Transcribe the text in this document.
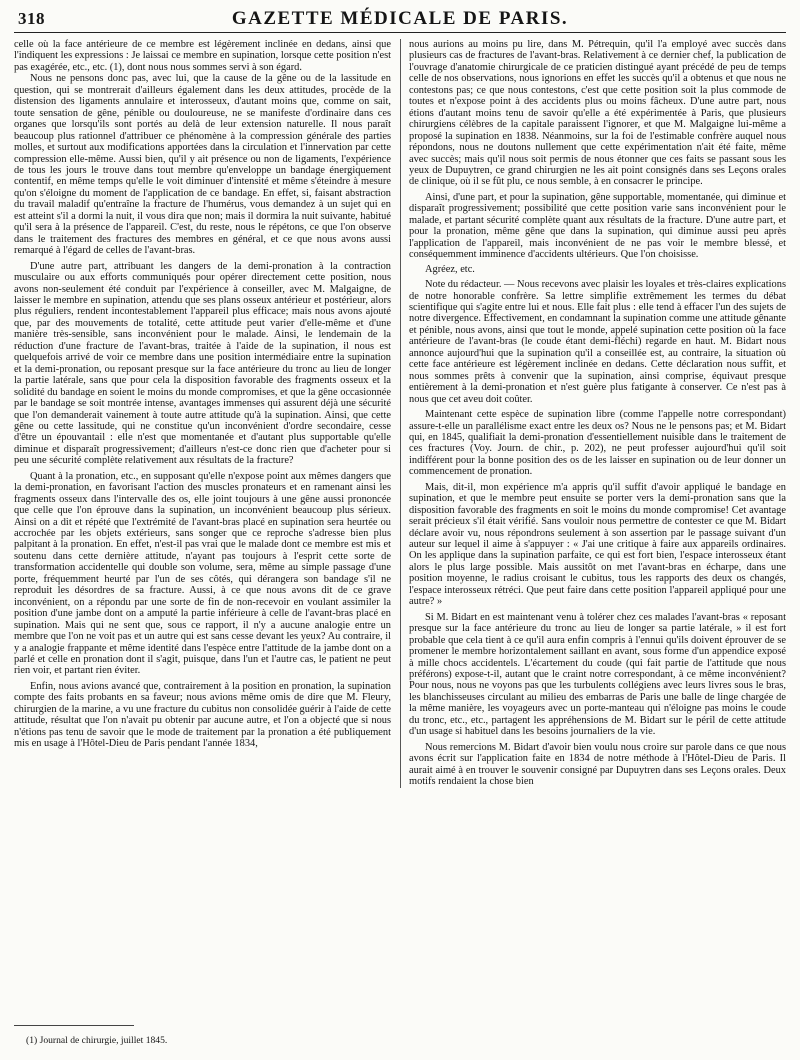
318	GAZETTE MÉDICALE DE PARIS.

celle où la face antérieure de ce membre est légèrement inclinée en dedans, ainsi que l'indiquent les expressions : Je laissai ce membre en supination, lorsque cette position n'est pas exagérée, etc., etc. (1), dont nous nous sommes servi à son égard.

Nous ne pensons donc pas, avec lui, que la cause de la gêne ou de la lassitude en question, qui se montrerait d'ailleurs également dans les deux attitudes, procède de la distension des ligaments annulaire et interosseux, d'autant moins que, comme on sait, toute sensation de gêne, pénible ou douloureuse, ne se manifeste d'ordinaire dans ces organes que lorsqu'ils sont portés au delà de leur extension naturelle. Il nous paraît beaucoup plus rationnel d'attribuer ce phénomène à la compression générale des parties molles, et surtout aux modifications apportées dans la circulation et l'innervation par cette compression elle-même. Aussi bien, qu'il y ait présence ou non de ligaments, l'expérience de tous les jours le trouve dans tout membre qu'enveloppe un bandage énergiquement contentif, en même temps qu'elle le voit diminuer d'intensité et même s'éteindre à mesure qu'on s'éloigne du moment de l'application de ce bandage. En effet, si, faisant abstraction du travail maladif qu'entraîne la fracture de l'humérus, vous demandez à un sujet qui en est atteint s'il a dormi la nuit, il vous dira que non; mais il dormira la nuit suivante, habitué qu'il sera à la présence de l'appareil. C'est, du reste, nous le répétons, ce que l'on observe dans le traitement des fractures des membres en général, et ce que nous avons aussi remarqué à l'égard de celles de l'avant-bras.

D'une autre part, attribuant les dangers de la demi-pronation à la contraction musculaire ou aux efforts communiqués pour opérer directement cette position, nous avons non-seulement été conduit par l'expérience à conseiller, avec M. Malgaigne, de laisser le membre en supination, attendu que ses plans osseux antérieur et postérieur, alors plus réguliers, rendent incontestablement l'appareil plus efficace; mais nous avons ajouté que, par des mouvements de totalité, cette attitude peut varier d'elle-même et d'une manière très-sensible, sans inconvénient pour le malade. Ainsi, le lendemain de la réduction d'une fracture de l'avant-bras, traitée à l'aide de la supination, il nous est quelquefois arrivé de voir ce membre dans une position intermédiaire entre la supination et la demi-pronation, ou reposant presque sur la face antérieure du tronc au lieu de longer la partie latérale, sans que pour cela la disposition favorable des fragments osseux et la solidité du bandage en soient le moins du monde compromises, et que la gêne occasionnée par le bandage se soit montrée intense, avantages immenses qui assurent déjà une sécurité que l'on demanderait vainement à toute autre attitude qu'à la supination. Ainsi, que cette gêne ou cette lassitude, qui ne constitue qu'un inconvénient d'ordre secondaire, cesse d'être un épouvantail : elle n'est que momentanée et d'autant plus supportable qu'elle diminue et disparaît progressivement; d'ailleurs n'est-ce donc rien que d'acheter pour si peu une sécurité complète relativement aux résultats de la fracture?

Quant à la pronation, etc., en supposant qu'elle n'expose point aux mêmes dangers que la demi-pronation, en favorisant l'action des muscles pronateurs et en ramenant ainsi les fragments osseux dans l'intervalle des os, elle joint toujours à une gêne aussi prononcée que celle que l'on éprouve dans la supination, un inconvénient beaucoup plus sérieux. Ainsi on a dit et répété que l'extrémité de l'avant-bras placé en supination sera heurtée ou accrochée par les objets extérieurs, sans songer que ce reproche s'adresse bien plus palpitant à la pronation. En effet, n'est-il pas vrai que le malade dont ce membre est mis et soutenu dans cette dernière attitude, n'ayant pas toujours à l'esprit cette sorte de transformation accidentelle qui double son volume, sera, même au simple passage d'une porte, fréquemment heurté par l'un de ses côtés, qui dérangera son bandage s'il ne reproduit les désordres de sa fracture. Aussi, à ce que nous avons dit de ce grave inconvénient, on a répondu par une sorte de fin de non-recevoir en voulant assimiler la position d'une jambe dont on a amputé la partie inférieure à celle de l'avant-bras placé en supination. Mais qui ne sent que, sous ce rapport, il n'y a aucune analogie entre un membre que l'on ne voit pas et un autre qui est sans cesse devant les yeux? Au contraire, il y a analogie frappante et même identité dans l'espèce entre l'attitude de la jambe dont on a parlé et celle en pronation dont il s'agit, puisque, dans l'un et l'autre cas, le patient ne peut rien voir, et partant rien éviter.

Enfin, nous avions avancé que, contrairement à la position en pronation, la supination compte des faits probants en sa faveur; nous avions même omis de dire que M. Fleury, chirurgien de la marine, a vu une fracture du cubitus non consolidée guérir à l'aide de cette attitude, résultat que l'on n'avait pu obtenir par aucune autre, et l'on a objecté que si nous n'étions pas tenu de savoir que le mode de traitement par la pronation a été publiquement mis en usage à l'Hôtel-Dieu de Paris pendant l'année 1834,

nous aurions au moins pu lire, dans M. Pétrequin, qu'il l'a employé avec succès dans plusieurs cas de fractures de l'avant-bras. Relativement à ce dernier chef, la publication de l'ouvrage d'anatomie chirurgicale de ce praticien distingué ayant précédé de peu de temps celle de nos observations, nous ignorions en effet les succès qu'il a obtenus et que nous ne contestons pas; ce que nous contestons, c'est que cette position soit la plus commode de toutes et n'expose point à des accidents plus ou moins fâcheux. D'une autre part, nous étions d'autant moins tenu de savoir qu'elle a été expérimentée à Paris, que plusieurs chirurgiens célèbres de la capitale paraissent l'ignorer, et que M. Malgaigne lui-même a proposé la supination en 1838. Néanmoins, sur la foi de l'estimable confrère auquel nous répondons, nous ne doutons nullement que cette expérimentation n'ait été faite, même avec succès; mais qu'il nous soit permis de nous étonner que ces faits se passant sous les yeux de Dupuytren, ce grand chirurgien ne les ait point consignés dans ses Leçons orales de clinique, où il se fût plu, ce nous semble, à en consacrer le principe.

Ainsi, d'une part, et pour la supination, gêne supportable, momentanée, qui diminue et disparaît progressivement; possibilité que cette position varie sans inconvénient pour le malade, et partant sécurité complète quant aux résultats de la fracture. D'une autre part, et pour la pronation, même gêne que dans la supination, qui diminue aussi peu après l'application de l'appareil, mais inconvénient de ne pas voir le membre blessé, et conséquemment imminence d'accidents ultérieurs. Que l'on choisisse.

Agréez, etc.

Note du rédacteur. — Nous recevons avec plaisir les loyales et très-claires explications de notre honorable confrère. Sa lettre simplifie extrêmement les termes du débat scientifique qui s'agite entre lui et nous. Elle fait plus : elle tend à effacer l'un des sujets de notre divergence. Effectivement, en condamnant la supination comme une attitude gênante et pénible, nous avons, ainsi que tout le monde, appelé supination cette position où la face antérieure de l'avant-bras (le coude étant demi-fléchi) regarde en haut. M. Bidart nous annonce aujourd'hui que la supination qu'il a conseillée est, au contraire, la situation où cette face antérieure est légèrement inclinée en dedans. Cette déclaration nous suffit, et nous sommes prêts à convenir que la supination, ainsi comprise, équivaut presque entièrement à la demi-pronation et n'est guère plus fatigante à conserver. Ce n'est pas à nous que cet aveu doit coûter.

Maintenant cette espèce de supination libre (comme l'appelle notre correspondant) assure-t-elle un parallélisme exact entre les deux os? Nous ne le pensons pas; et M. Bidart qui, en 1845, qualifiait la demi-pronation d'essentiellement nuisible dans le traitement de ces fractures (Voy. Journ. de chir., p. 202), ne peut professer aujourd'hui qu'il soit indifférent pour la bonne position des os de les laisser en supination ou de leur donner un commencement de pronation.

Mais, dit-il, mon expérience m'a appris qu'il suffit d'avoir appliqué le bandage en supination, et que le membre peut ensuite se porter vers la demi-pronation sans que la disposition favorable des fragments en soit le moins du monde compromise! Cet avantage serait précieux s'il était vérifié. Sans vouloir nous permettre de contester ce que M. Bidart déclare avoir vu, nous répondrons seulement à son assertion par le passage suivant d'un auteur sur lequel il aime à s'appuyer : « J'ai une critique à faire aux appareils ordinaires. On les applique dans la supination parfaite, ce qui est fort bien, l'espace interosseux étant alors le plus large possible. Mais aussitôt on met l'avant-bras en écharpe, dans une position moyenne, le radius croisant le cubitus, tous les rapports des deux os changés, l'espace interosseux rétréci. Que peut faire dans cette position l'appareil appliqué pour une autre? »

Si M. Bidart en est maintenant venu à tolérer chez ces malades l'avant-bras « reposant presque sur la face antérieure du tronc au lieu de longer sa partie latérale, » il est fort probable que cela tient à ce qu'il aura enfin compris à l'ennui qu'ils doivent éprouver de se promener le membre horizontalement saillant en avant, sous forme d'un appendice exposé à mille chocs accidentels. L'écartement du coude (qui fait partie de l'attitude que nous préférons) expose-t-il, autant que le craint notre correspondant, à ce même inconvénient? Pour nous, nous ne voyons pas que les turbulents collégiens avec leurs livres sous le bras, les blanchisseuses circulant au milieu des embarras de Paris une balle de linge chargée de la même manière, les voyageurs avec un porte-manteau qui n'éloigne pas moins le coude du tronc, etc., etc., partagent les appréhensions de M. Bidart sur le péril de cette attitude d'un usage si habituel dans les besoins journaliers de la vie.

Nous remercions M. Bidart d'avoir bien voulu nous croire sur parole dans ce que nous avons écrit sur l'application faite en 1834 de notre méthode à l'Hôtel-Dieu de Paris. Il aurait aimé à en trouver le souvenir consigné par Dupuytren dans ses Leçons orales. Deux motifs rendaient la chose bien

(1) Journal de chirurgie, juillet 1845.
